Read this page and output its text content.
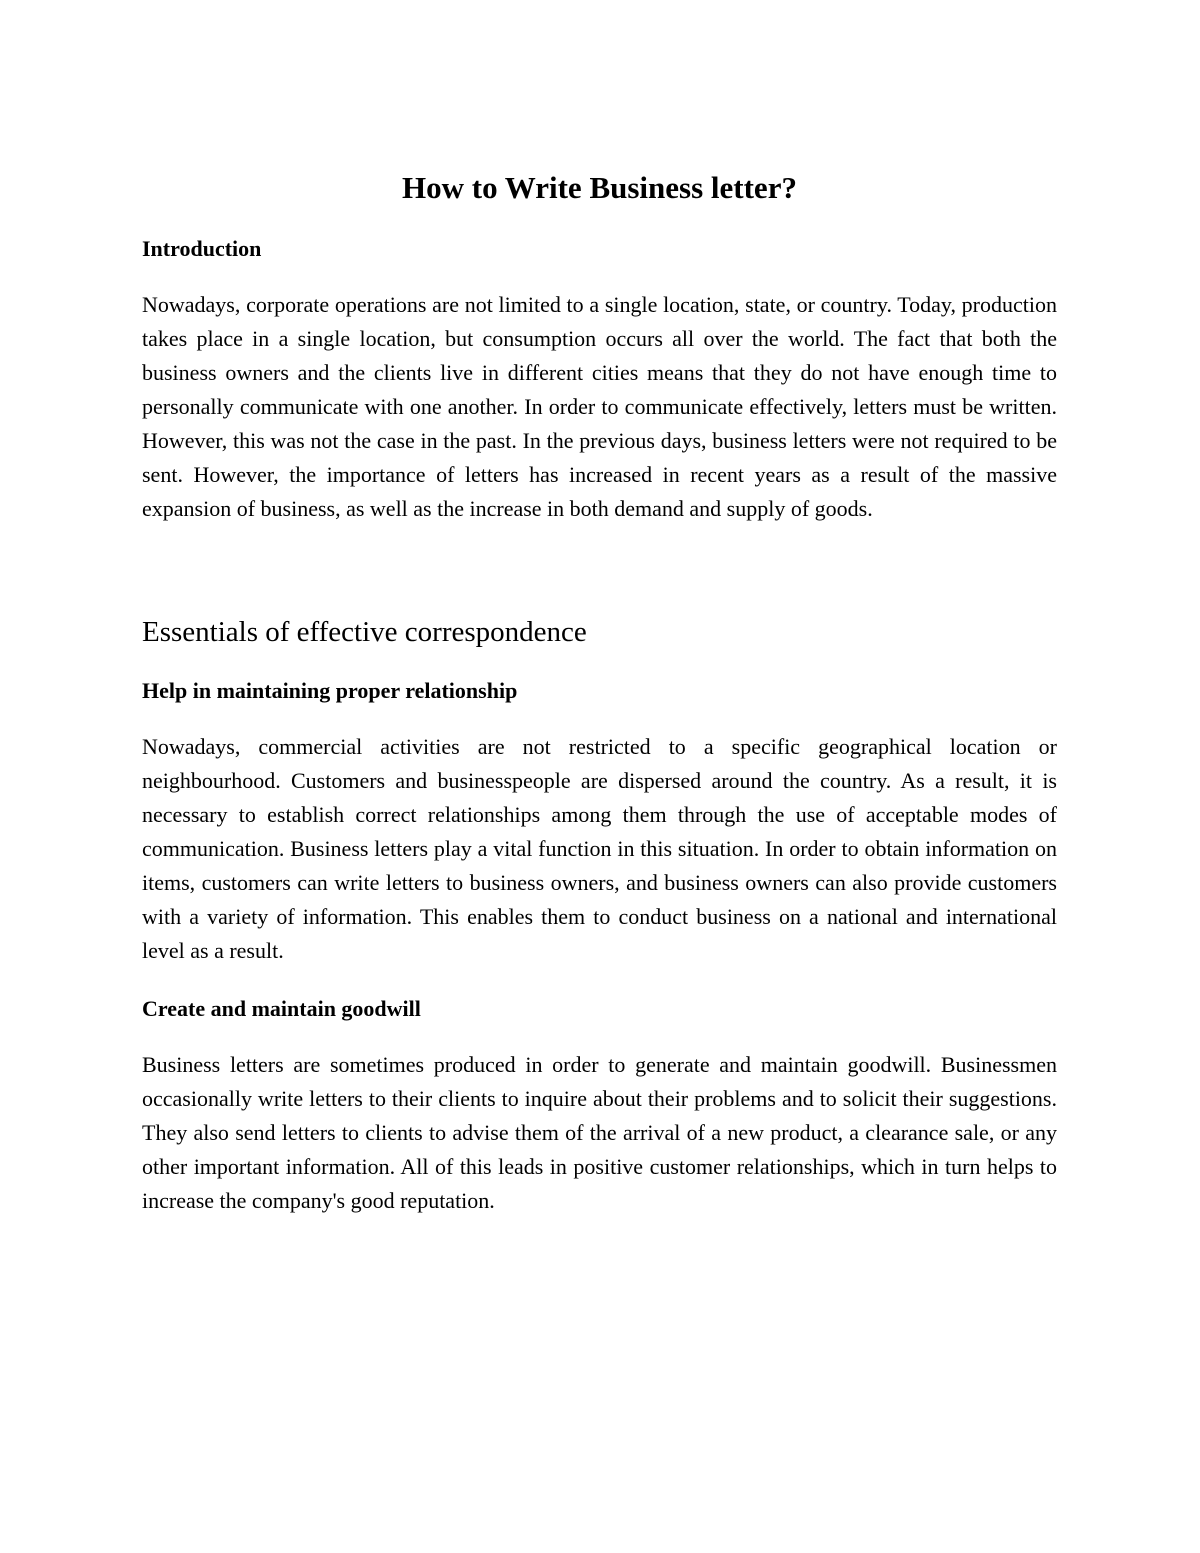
How to Write Business letter?
Introduction

Nowadays, corporate operations are not limited to a single location, state, or country. Today, production takes place in a single location, but consumption occurs all over the world. The fact that both the business owners and the clients live in different cities means that they do not have enough time to personally communicate with one another. In order to communicate effectively, letters must be written. However, this was not the case in the past. In the previous days, business letters were not required to be sent. However, the importance of letters has increased in recent years as a result of the massive expansion of business, as well as the increase in both demand and supply of goods.

Essentials of effective correspondence
Help in maintaining proper relationship

Nowadays, commercial activities are not restricted to a specific geographical location or neighbourhood. Customers and businesspeople are dispersed around the country. As a result, it is necessary to establish correct relationships among them through the use of acceptable modes of communication. Business letters play a vital function in this situation. In order to obtain information on items, customers can write letters to business owners, and business owners can also provide customers with a variety of information. This enables them to conduct business on a national and international level as a result.

Create and maintain goodwill

Business letters are sometimes produced in order to generate and maintain goodwill. Businessmen occasionally write letters to their clients to inquire about their problems and to solicit their suggestions. They also send letters to clients to advise them of the arrival of a new product, a clearance sale, or any other important information. All of this leads in positive customer relationships, which in turn helps to increase the company's good reputation.
